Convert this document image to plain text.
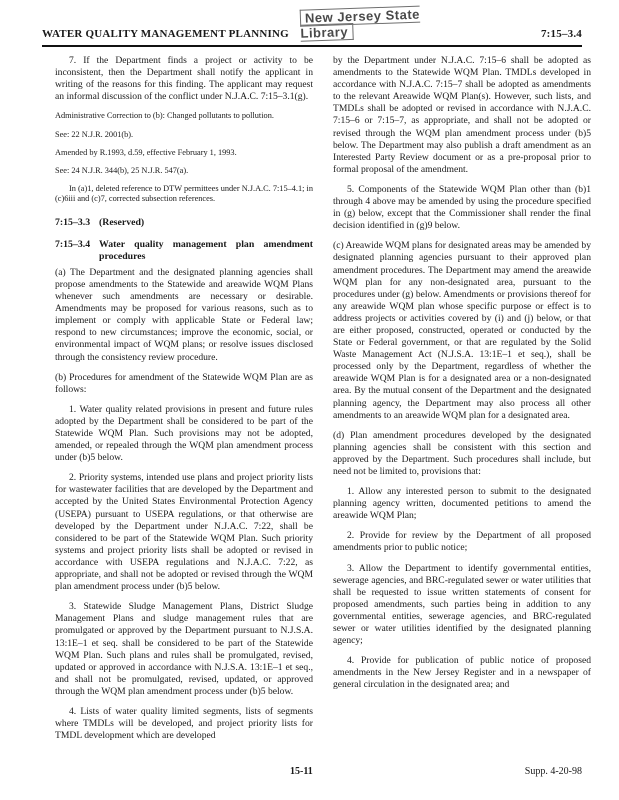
New Jersey State Library
WATER QUALITY MANAGEMENT PLANNING	7:15–3.4

7. If the Department finds a project or activity to be inconsistent, then the Department shall notify the applicant in writing of the reasons for this finding. The applicant may request an informal discussion of the conflict under N.J.A.C. 7:15–3.1(g).

Administrative Correction to (b): Changed pollutants to pollution.

See: 22 N.J.R. 2001(b).

Amended by R.1993, d.59, effective February 1, 1993.

See: 24 N.J.R. 344(b), 25 N.J.R. 547(a).

In (a)1, deleted reference to DTW permittees under N.J.A.C. 7:15–4.1; in (c)6iii and (c)7, corrected subsection references.

7:15–3.3 (Reserved)
7:15–3.4 Water quality management plan amendment procedures

(a) The Department and the designated planning agencies shall propose amendments to the Statewide and areawide WQM Plans whenever such amendments are necessary or desirable. Amendments may be proposed for various reasons, such as to implement or comply with applicable State or Federal law; respond to new circumstances; improve the economic, social, or environmental impact of WQM plans; or resolve issues disclosed through the consistency review procedure.

(b) Procedures for amendment of the Statewide WQM Plan are as follows:

1. Water quality related provisions in present and future rules adopted by the Department shall be considered to be part of the Statewide WQM Plan. Such provisions may not be adopted, amended, or repealed through the WQM plan amendment process under (b)5 below.

2. Priority systems, intended use plans and project priority lists for wastewater facilities that are developed by the Department and accepted by the United States Environmental Protection Agency (USEPA) pursuant to USEPA regulations, or that otherwise are developed by the Department under N.J.A.C. 7:22, shall be considered to be part of the Statewide WQM Plan. Such priority systems and project priority lists shall be adopted or revised in accordance with USEPA regulations and N.J.A.C. 7:22, as appropriate, and shall not be adopted or revised through the WQM plan amendment process under (b)5 below.

3. Statewide Sludge Management Plans, District Sludge Management Plans and sludge management rules that are promulgated or approved by the Department pursuant to N.J.S.A. 13:1E–1 et seq. shall be considered to be part of the Statewide WQM Plan. Such plans and rules shall be promulgated, revised, updated or approved in accordance with N.J.S.A. 13:1E–1 et seq., and shall not be promulgated, revised, updated, or approved through the WQM plan amendment process under (b)5 below.

4. Lists of water quality limited segments, lists of segments where TMDLs will be developed, and project priority lists for TMDL development which are developed

by the Department under N.J.A.C. 7:15–6 shall be adopted as amendments to the Statewide WQM Plan. TMDLs developed in accordance with N.J.A.C. 7:15–7 shall be adopted as amendments to the relevant Areawide WQM Plan(s). However, such lists, and TMDLs shall be adopted or revised in accordance with N.J.A.C. 7:15–6 or 7:15–7, as appropriate, and shall not be adopted or revised through the WQM plan amendment process under (b)5 below. The Department may also publish a draft amendment as an Interested Party Review document or as a pre-proposal prior to formal proposal of the amendment.

5. Components of the Statewide WQM Plan other than (b)1 through 4 above may be amended by using the procedure specified in (g) below, except that the Commissioner shall render the final decision identified in (g)9 below.

(c) Areawide WQM plans for designated areas may be amended by designated planning agencies pursuant to their approved plan amendment procedures. The Department may amend the areawide WQM plan for any non-designated area, pursuant to the procedures under (g) below. Amendments or provisions thereof for any areawide WQM plan whose specific purpose or effect is to address projects or activities covered by (i) and (j) below, or that are either proposed, constructed, operated or conducted by the State or Federal government, or that are regulated by the Solid Waste Management Act (N.J.S.A. 13:1E–1 et seq.), shall be processed only by the Department, regardless of whether the areawide WQM Plan is for a designated area or a non-designated area. By the mutual consent of the Department and the designated planning agency, the Department may also process all other amendments to an areawide WQM plan for a designated area.

(d) Plan amendment procedures developed by the designated planning agencies shall be consistent with this section and approved by the Department. Such procedures shall include, but need not be limited to, provisions that:

1. Allow any interested person to submit to the designated planning agency written, documented petitions to amend the areawide WQM Plan;

2. Provide for review by the Department of all proposed amendments prior to public notice;

3. Allow the Department to identify governmental entities, sewerage agencies, and BRC-regulated sewer or water utilities that shall be requested to issue written statements of consent for proposed amendments, such parties being in addition to any governmental entities, sewerage agencies, and BRC-regulated sewer or water utilities identified by the designated planning agency;

4. Provide for publication of public notice of proposed amendments in the New Jersey Register and in a newspaper of general circulation in the designated area; and

15-11	Supp. 4-20-98
